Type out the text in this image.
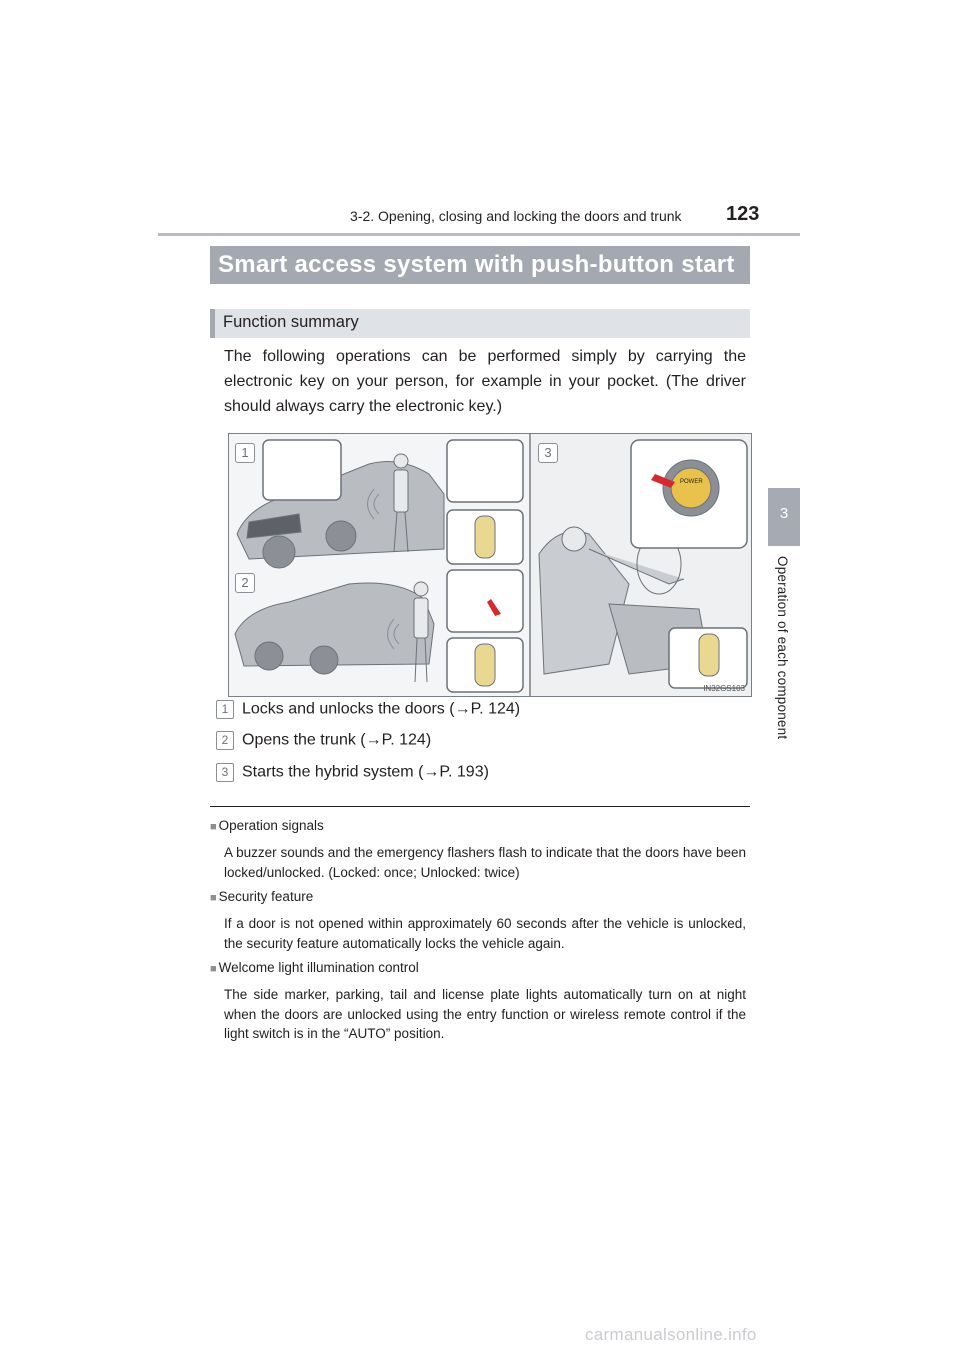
3-2. Opening, closing and locking the doors and trunk 123
3
Operation of each component
Smart access system with push-button start
Function summary
The following operations can be performed simply by carrying the electronic key on your person, for example in your pocket. (The driver should always carry the electronic key.)
POWER
1
2
3
IN32GS103
1 Locks and unlocks the doors (→P. 124)
2 Opens the trunk (→P. 124)
3 Starts the hybrid system (→P. 193)
■ Operation signals
A buzzer sounds and the emergency flashers flash to indicate that the doors have been locked/unlocked. (Locked: once; Unlocked: twice)
■ Security feature
If a door is not opened within approximately 60 seconds after the vehicle is unlocked, the security feature automatically locks the vehicle again.
■ Welcome light illumination control
The side marker, parking, tail and license plate lights automatically turn on at night when the doors are unlocked using the entry function or wireless remote control if the light switch is in the “AUTO” position.
carmanualsonline.info
